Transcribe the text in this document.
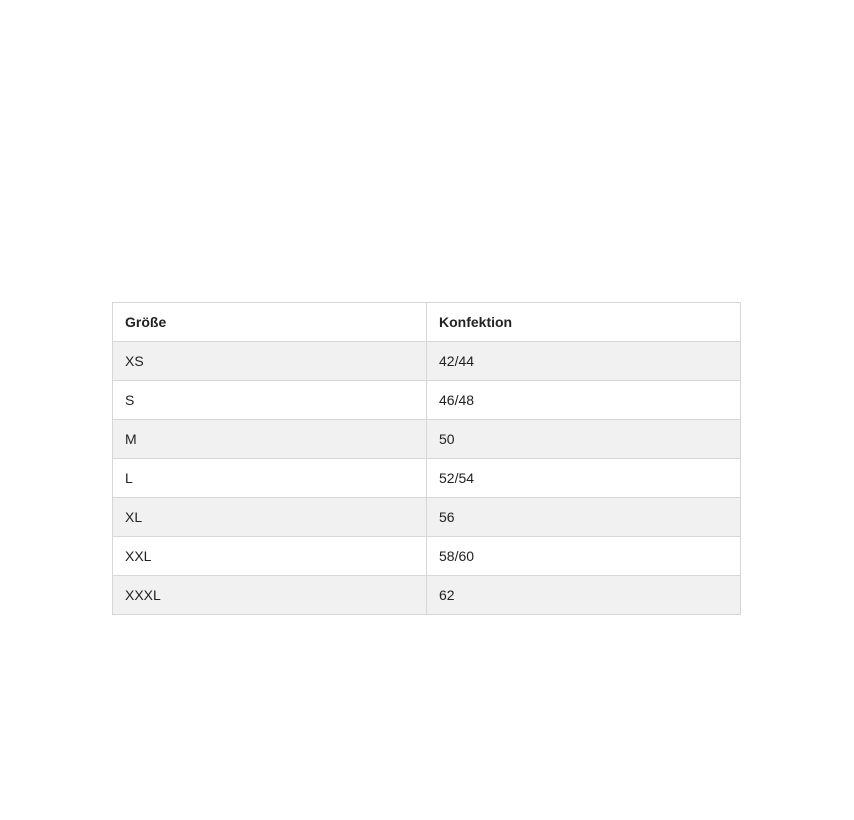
Größe	Konfektion
XS	42/44
S	46/48
M	50
L	52/54
XL	56
XXL	58/60
XXXL	62
